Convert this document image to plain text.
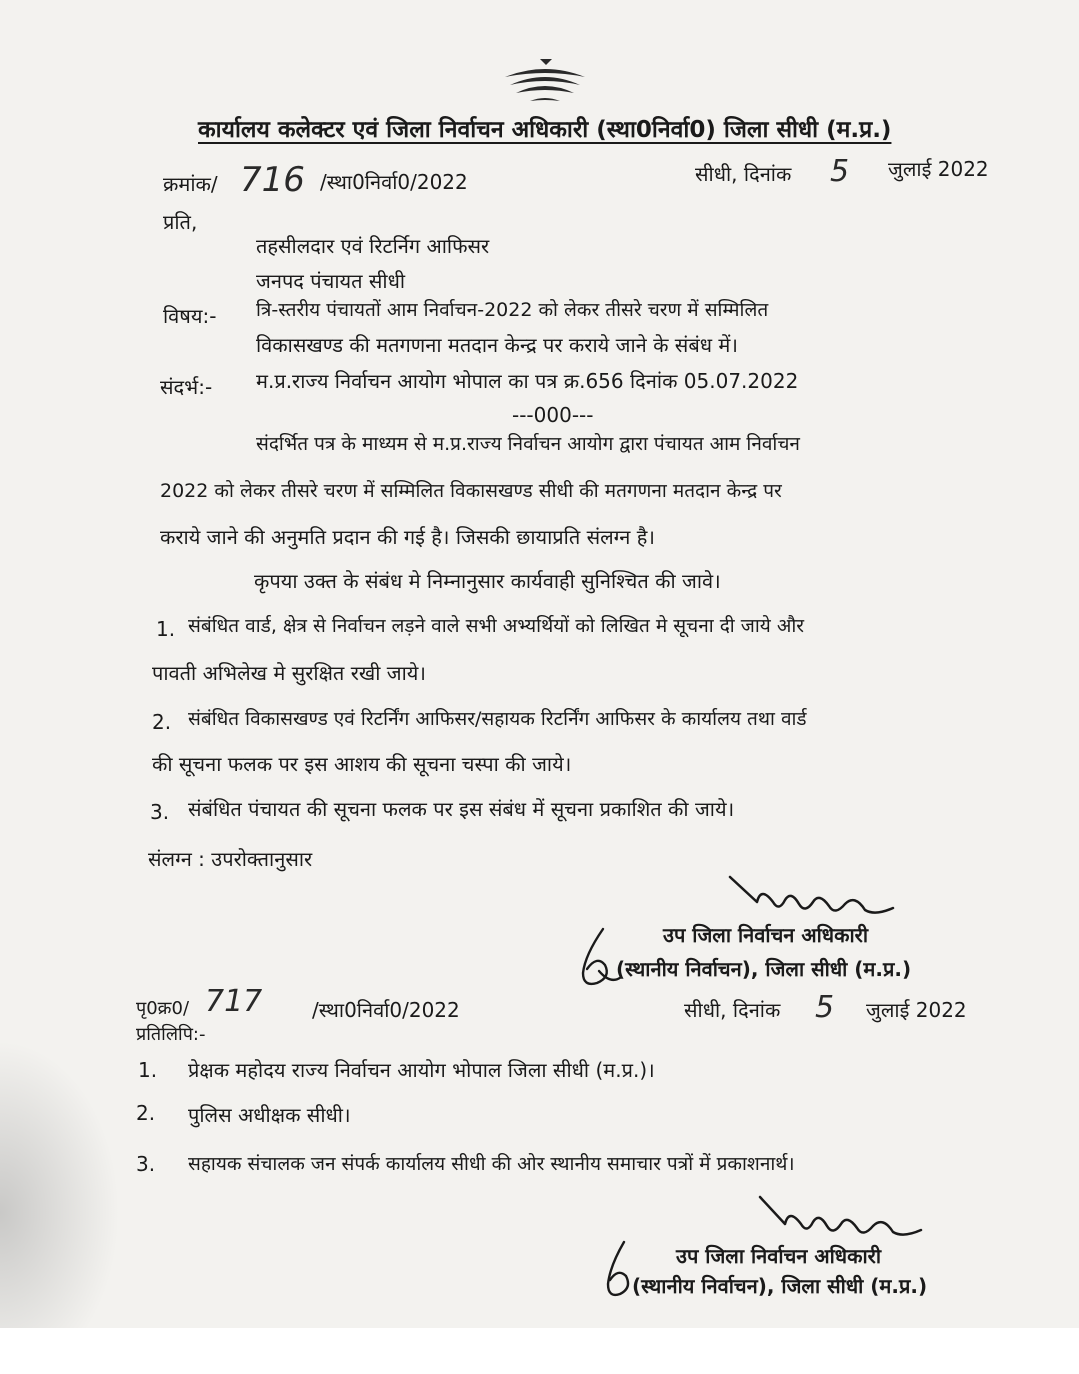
कार्यालय कलेक्टर एवं जिला निर्वाचन अधिकारी (स्था0निर्वा0) जिला सीधी (म.प्र.)
क्रमांक/ 716 /स्था0निर्वा0/2022	सीधी, दिनांक 5 जुलाई 2022
प्रति,
तहसीलदार एवं रिटर्निग आफिसर
जनपद पंचायत सीधी
विषय:- त्रि-स्तरीय पंचायतों आम निर्वाचन-2022 को लेकर तीसरे चरण में सम्मिलित
विकासखण्ड की मतगणना मतदान केन्द्र पर कराये जाने के संबंध में।
संदर्भ:- म.प्र.राज्य निर्वाचन आयोग भोपाल का पत्र क्र.656 दिनांक 05.07.2022
---000---
संदर्भित पत्र के माध्यम से म.प्र.राज्य निर्वाचन आयोग द्वारा पंचायत आम निर्वाचन
2022 को लेकर तीसरे चरण में सम्मिलित विकासखण्ड सीधी की मतगणना मतदान केन्द्र पर
कराये जाने की अनुमति प्रदान की गई है। जिसकी छायाप्रति संलग्न है।
कृपया उक्त के संबंध मे निम्नानुसार कार्यवाही सुनिश्चित की जावे।
1. संबंधित वार्ड, क्षेत्र से निर्वाचन लड़ने वाले सभी अभ्यर्थियों को लिखित मे सूचना दी जाये और
पावती अभिलेख मे सुरक्षित रखी जाये।
2. संबंधित विकासखण्ड एवं रिटर्निंग आफिसर/सहायक रिटर्निंग आफिसर के कार्यालय तथा वार्ड
की सूचना फलक पर इस आशय की सूचना चस्पा की जाये।
3. संबंधित पंचायत की सूचना फलक पर इस संबंध में सूचना प्रकाशित की जाये।
संलग्न : उपरोक्तानुसार
उप जिला निर्वाचन अधिकारी
(स्थानीय निर्वाचन), जिला सीधी (म.प्र.)
पृ0क्र0/ 717 /स्था0निर्वा0/2022	सीधी, दिनांक 5 जुलाई 2022
प्रतिलिपि:-
1. प्रेक्षक महोदय राज्य निर्वाचन आयोग भोपाल जिला सीधी (म.प्र.)।
2. पुलिस अधीक्षक सीधी।
3. सहायक संचालक जन संपर्क कार्यालय सीधी की ओर स्थानीय समाचार पत्रों में प्रकाशनार्थ।
उप जिला निर्वाचन अधिकारी
(स्थानीय निर्वाचन), जिला सीधी (म.प्र.)
